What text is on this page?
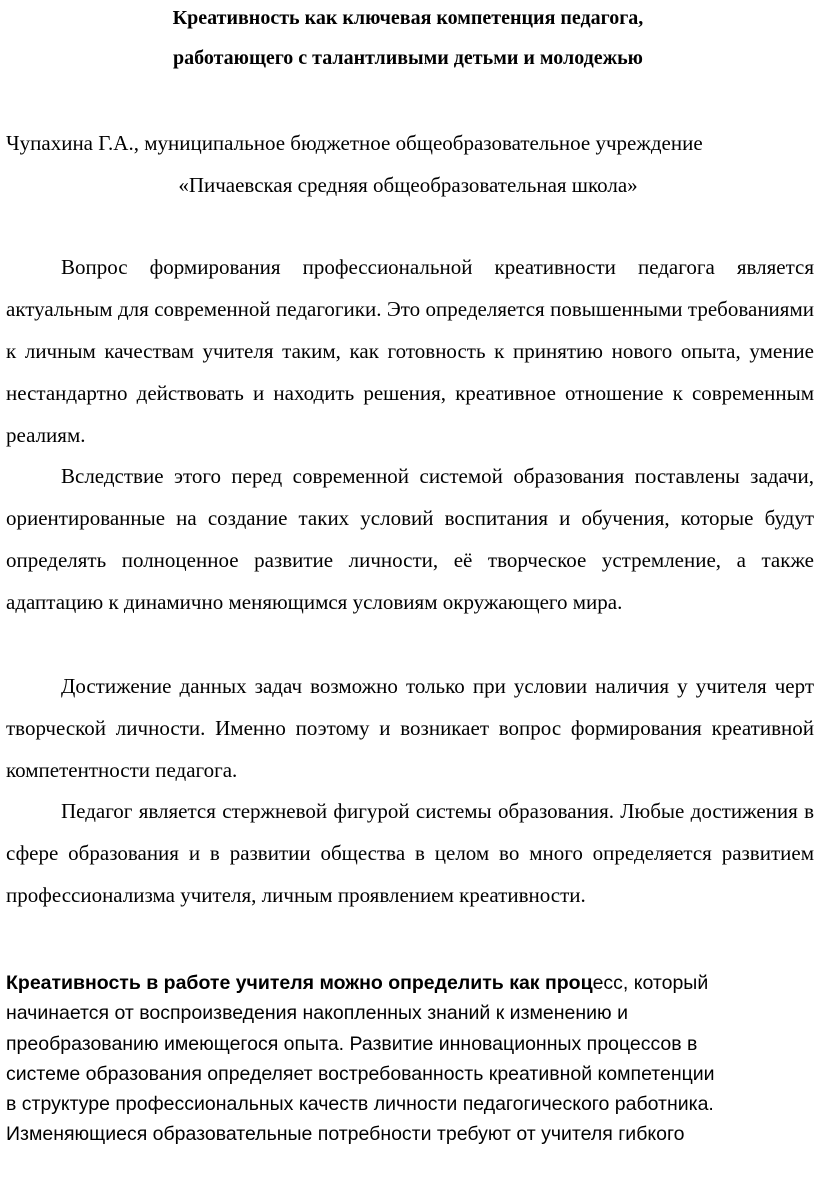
Креативность как ключевая компетенция педагога,
работающего с талантливыми детьми и молодежью
Чупахина Г.А., муниципальное бюджетное общеобразовательное учреждение
«Пичаевская средняя общеобразовательная школа»

Вопрос формирования профессиональной креативности педагога является актуальным для современной педагогики. Это определяется повышенными требованиями к личным качествам учителя таким, как готовность к принятию нового опыта, умение нестандартно действовать и находить решения, креативное отношение к современным реалиям.

Вследствие этого перед современной системой образования поставлены задачи, ориентированные на создание таких условий воспитания и обучения, которые будут определять полноценное развитие личности, её творческое устремление, а также адаптацию к динамично меняющимся условиям окружающего мира.

Достижение данных задач возможно только при условии наличия у учителя черт творческой личности. Именно поэтому и возникает вопрос формирования креативной компетентности педагога.

Педагог является стержневой фигурой системы образования. Любые достижения в сфере образования и в развитии общества в целом во много определяется развитием профессионализма учителя, личным проявлением креативности.

Креативность в работе учителя можно определить как процесс, который
начинается от воспроизведения накопленных знаний к изменению и
преобразованию имеющегося опыта. Развитие инновационных процессов в
системе образования определяет востребованность креативной компетенции
в структуре профессиональных качеств личности педагогического работника.
Изменяющиеся образовательные потребности требуют от учителя гибкого
